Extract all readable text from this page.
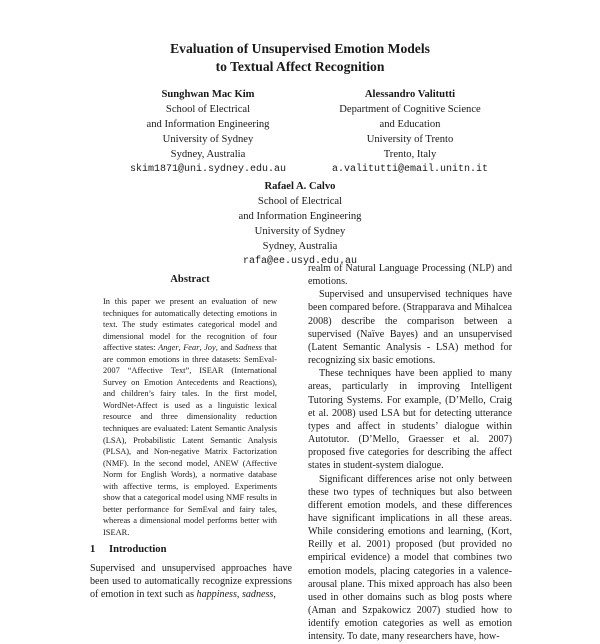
Evaluation of Unsupervised Emotion Models
to Textual Affect Recognition
Sunghwan Mac Kim
School of Electrical
and Information Engineering
University of Sydney
Sydney, Australia
skim1871@uni.sydney.edu.au
Alessandro Valitutti
Department of Cognitive Science
and Education
University of Trento
Trento, Italy
a.valitutti@email.unitn.it
Rafael A. Calvo
School of Electrical
and Information Engineering
University of Sydney
Sydney, Australia
rafa@ee.usyd.edu.au
Abstract
In this paper we present an evaluation of new techniques for automatically detecting emotions in text. The study estimates categorical model and dimensional model for the recognition of four affective states: Anger, Fear, Joy, and Sadness that are common emotions in three datasets: SemEval-2007 “Affective Text”, ISEAR (International Survey on Emotion Antecedents and Reactions), and children’s fairy tales. In the first model, WordNet-Affect is used as a linguistic lexical resource and three dimensionality reduction techniques are evaluated: Latent Semantic Analysis (LSA), Probabilistic Latent Semantic Analysis (PLSA), and Non-negative Matrix Factorization (NMF). In the second model, ANEW (Affective Norm for English Words), a normative database with affective terms, is employed. Experiments show that a categorical model using NMF results in better performance for SemEval and fairy tales, whereas a dimensional model performs better with ISEAR.
1 Introduction
Supervised and unsupervised approaches have been used to automatically recognize expressions of emotion in text such as happiness, sadness,

realm of Natural Language Processing (NLP) and emotions.

Supervised and unsupervised techniques have been compared before. (Strapparava and Mihalcea 2008) describe the comparison between a supervised (Naïve Bayes) and an unsupervised (Latent Semantic Analysis - LSA) method for recognizing six basic emotions.

These techniques have been applied to many areas, particularly in improving Intelligent Tutoring Systems. For example, (D’Mello, Craig et al. 2008) used LSA but for detecting utterance types and affect in students’ dialogue within Autotutor. (D’Mello, Graesser et al. 2007) proposed five categories for describing the affect states in student-system dialogue.

Significant differences arise not only between these two types of techniques but also between different emotion models, and these differences have significant implications in all these areas. While considering emotions and learning, (Kort, Reilly et al. 2001) proposed (but provided no empirical evidence) a model that combines two emotion models, placing categories in a valence-arousal plane. This mixed approach has also been used in other domains such as blog posts where (Aman and Szpakowicz 2007) studied how to identify emotion categories as well as emotion intensity. To date, many researchers have, how-
